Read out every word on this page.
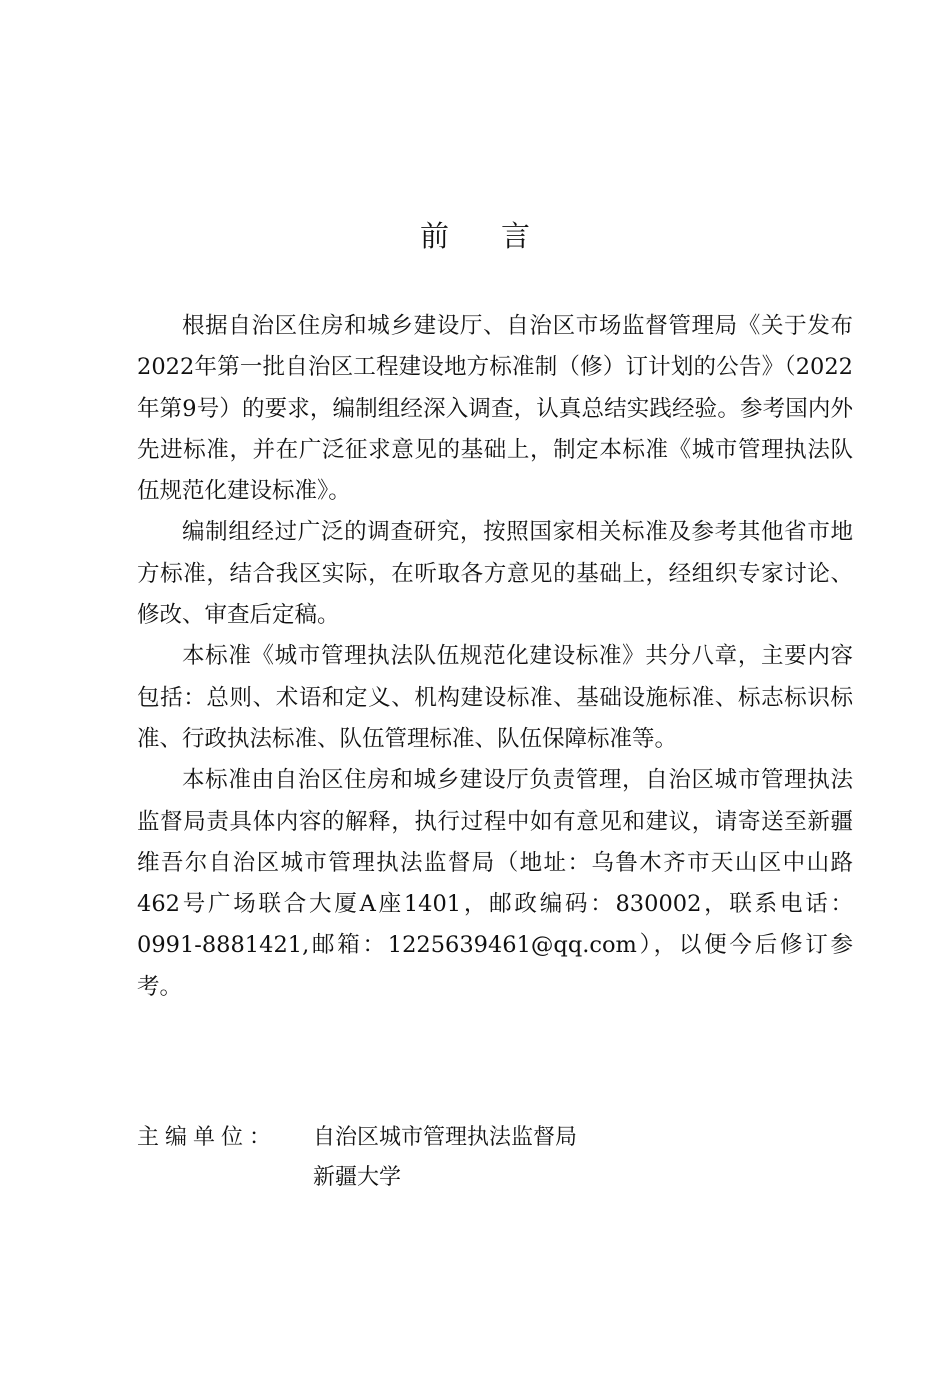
前言

根据自治区住房和城乡建设厅、自治区市场监督管理局《关于发布2022年第一批自治区工程建设地方标准制（修）订计划的公告》（2022年第9号）的要求，编制组经深入调查，认真总结实践经验。参考国内外先进标准，并在广泛征求意见的基础上，制定本标准《城市管理执法队伍规范化建设标准》。

编制组经过广泛的调查研究，按照国家相关标准及参考其他省市地方标准，结合我区实际，在听取各方意见的基础上，经组织专家讨论、修改、审查后定稿。

本标准《城市管理执法队伍规范化建设标准》共分八章，主要内容包括：总则、术语和定义、机构建设标准、基础设施标准、标志标识标准、行政执法标准、队伍管理标准、队伍保障标准等。

本标准由自治区住房和城乡建设厅负责管理，自治区城市管理执法监督局责具体内容的解释，执行过程中如有意见和建议，请寄送至新疆维吾尔自治区城市管理执法监督局（地址：乌鲁木齐市天山区中山路462号广场联合大厦A座1401，邮政编码：830002，联系电话：0991-8881421,邮箱：1225639461@qq.com），以便今后修订参考。

主编单位：	自治区城市管理执法监督局
新疆大学
